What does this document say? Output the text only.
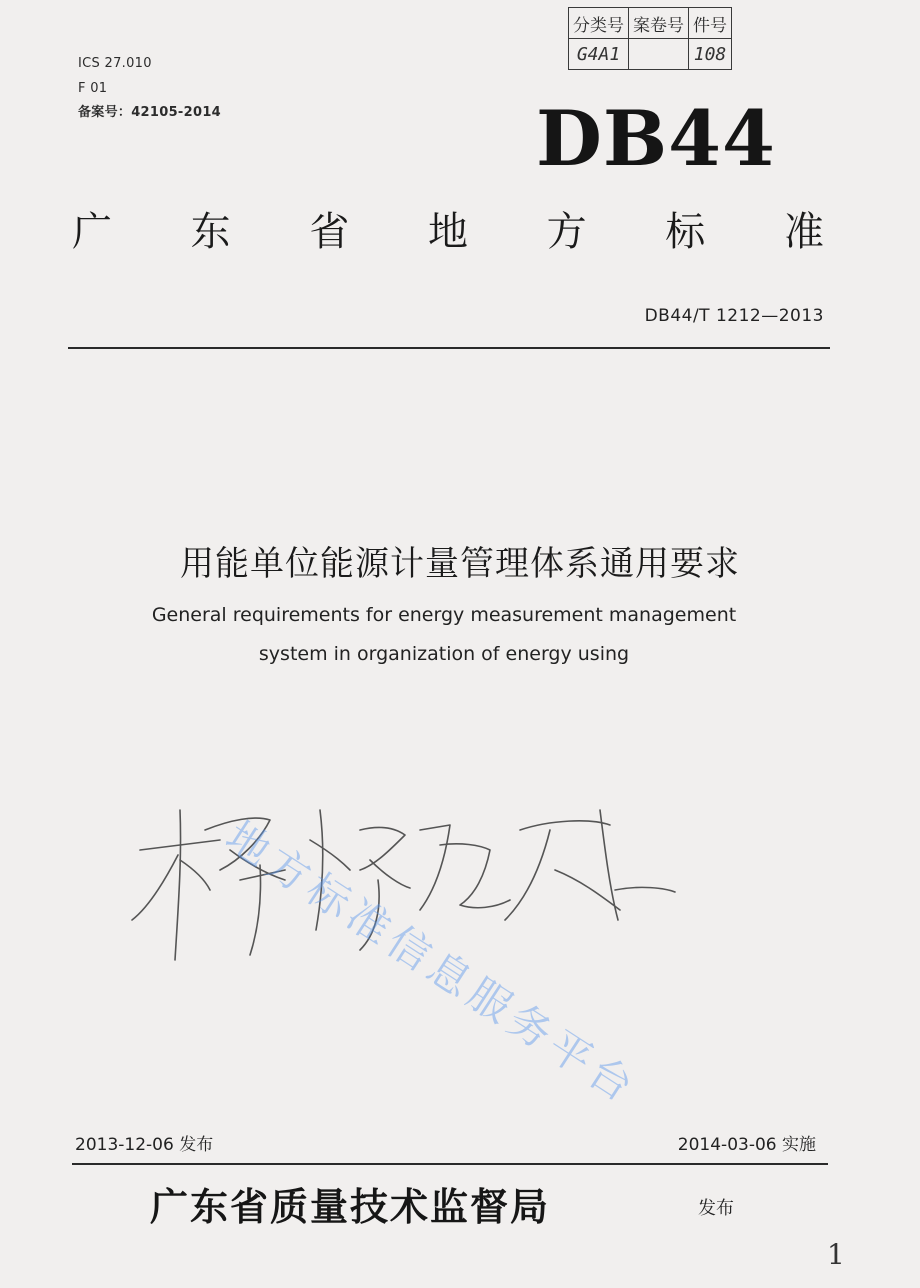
分类号	案卷号	件号
G4A1		108
ICS 27.010
F 01
备案号：42105-2014	DB44
广 东 省 地 方 标 准
DB44/T 1212—2013
用能单位能源计量管理体系通用要求
General requirements for energy measurement management
system in organization of energy using
地方标准信息服务平台
2013-12-06 发布	2014-03-06 实施
广东省质量技术监督局	发布
1
